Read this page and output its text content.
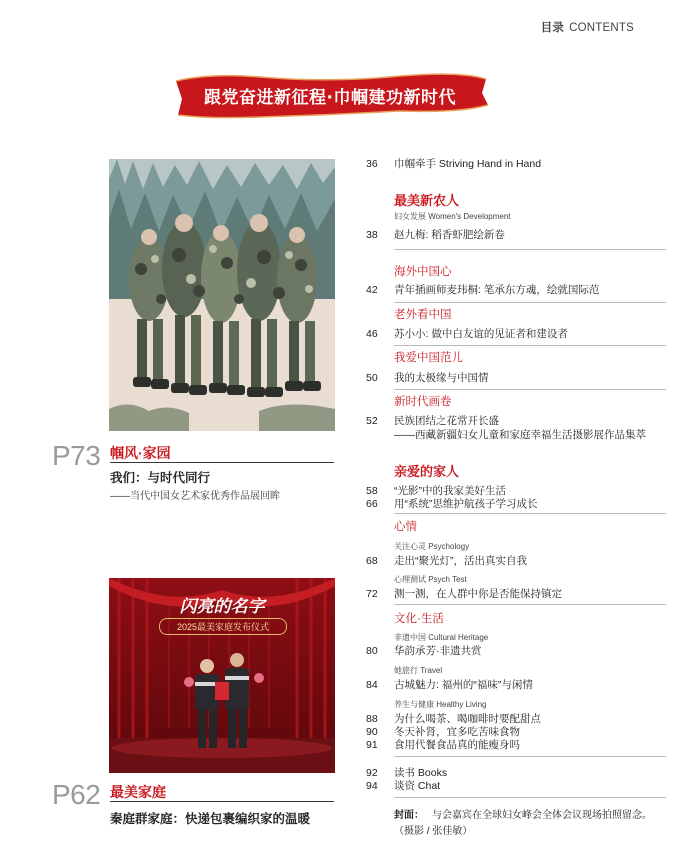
目录 CONTENTS
跟党奋进新征程·巾帼建功新时代
P73 帼风·家园
我们：与时代同行
——当代中国女艺术家优秀作品展回眸
闪亮的名字
2025最美家庭发布仪式
P62 最美家庭
秦庭群家庭：快递包裹编织家的温暖
36 巾帼牵手 Striving Hand in Hand
最美新农人
妇女发展 Women's Development
38 赵九梅: 稻香虾肥绘新卷
海外中国心
42 青年插画师麦玮桐: 笔承东方魂，绘就国际范
老外看中国
46 苏小小: 做中白友谊的见证者和建设者
我爱中国范儿
50 我的太极缘与中国情
新时代画卷
52 民族团结之花常开长盛
——西藏新疆妇女儿童和家庭幸福生活摄影展作品集萃
亲爱的家人
58 “光影”中的我家美好生活
66 用“系统”思维护航孩子学习成长
心情
关注心灵 Psychology
68 走出“聚光灯”，活出真实自我
心理测试 Psych Test
72 测一测，在人群中你是否能保持镇定
文化·生活
非遗中国 Cultural Heritage
80 华韵承芳·非遗共赏
她旅行 Travel
84 古城魅力: 福州的“福味”与闲情
养生与健康 Healthy Living
88 为什么喝茶、喝咖啡时要配甜点
90 冬天补肾，宜多吃苦味食物
91 食用代餐食品真的能瘦身吗
92 读书 Books
94 谈资 Chat
封面： 与会嘉宾在全球妇女峰会全体会议现场拍照留念。（摄影 / 张佳敏）
